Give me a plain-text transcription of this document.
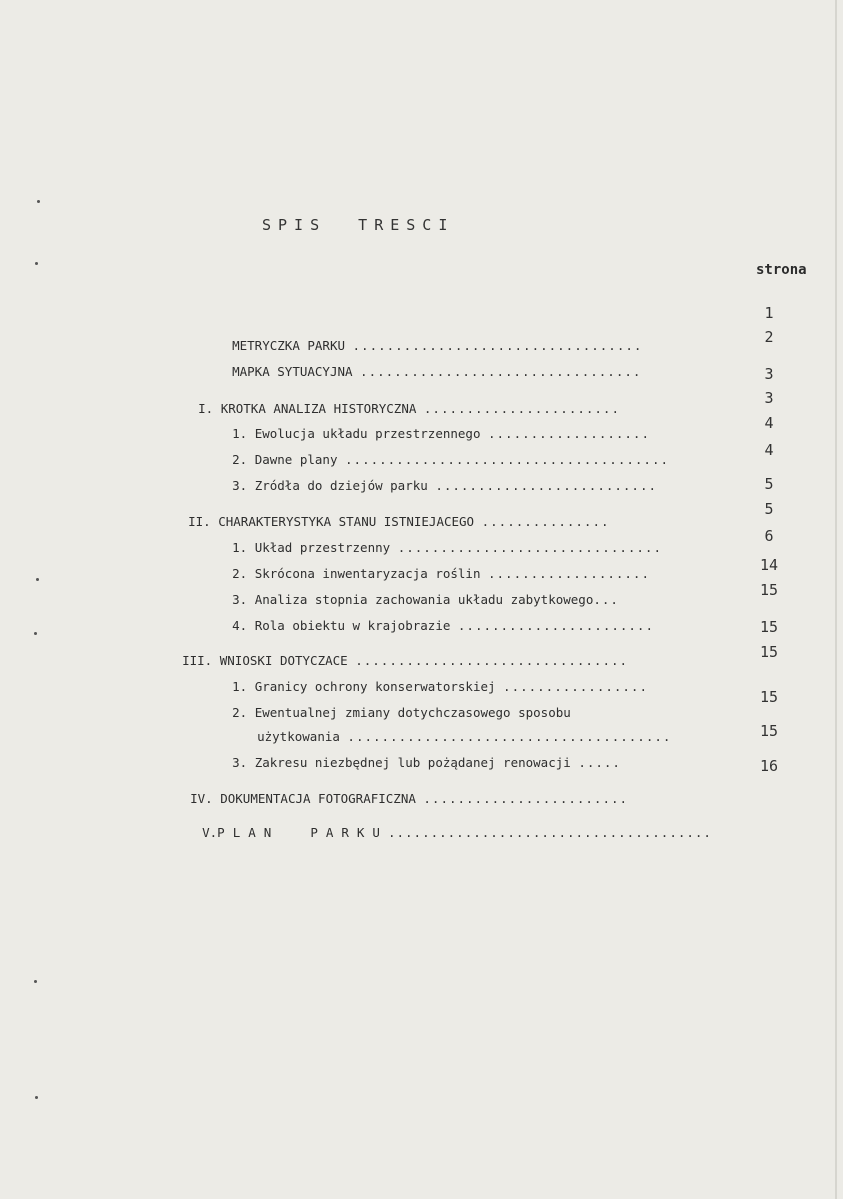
SPIS  TRESCI
strona

METRYCZKA PARKU ..................................

MAPKA SYTUACYJNA .................................

I. KROTKA ANALIZA HISTORYCZNA .......................

1. Ewolucja układu przestrzennego ...................

2. Dawne plany ......................................

3. Zródła do dziejów parku ..........................

II. CHARAKTERYSTYKA STANU ISTNIEJACEGO ...............

1. Układ przestrzenny ...............................

2. Skrócona inwentaryzacja roślin ...................

3. Analiza stopnia zachowania układu zabytkowego...

4. Rola obiektu w krajobrazie .......................

III. WNIOSKI DOTYCZACE ................................

1. Granicy ochrony konserwatorskiej .................

2. Ewentualnej zmiany dotychczasowego sposobu

użytkowania ......................................

3. Zakresu niezbędnej lub pożądanej renowacji .....

IV. DOKUMENTACJA FOTOGRAFICZNA ........................

V.PLAN  PARKU......................................

1
2
3
3
4
4
5
5
6
14
15
15
15
15
15
16
